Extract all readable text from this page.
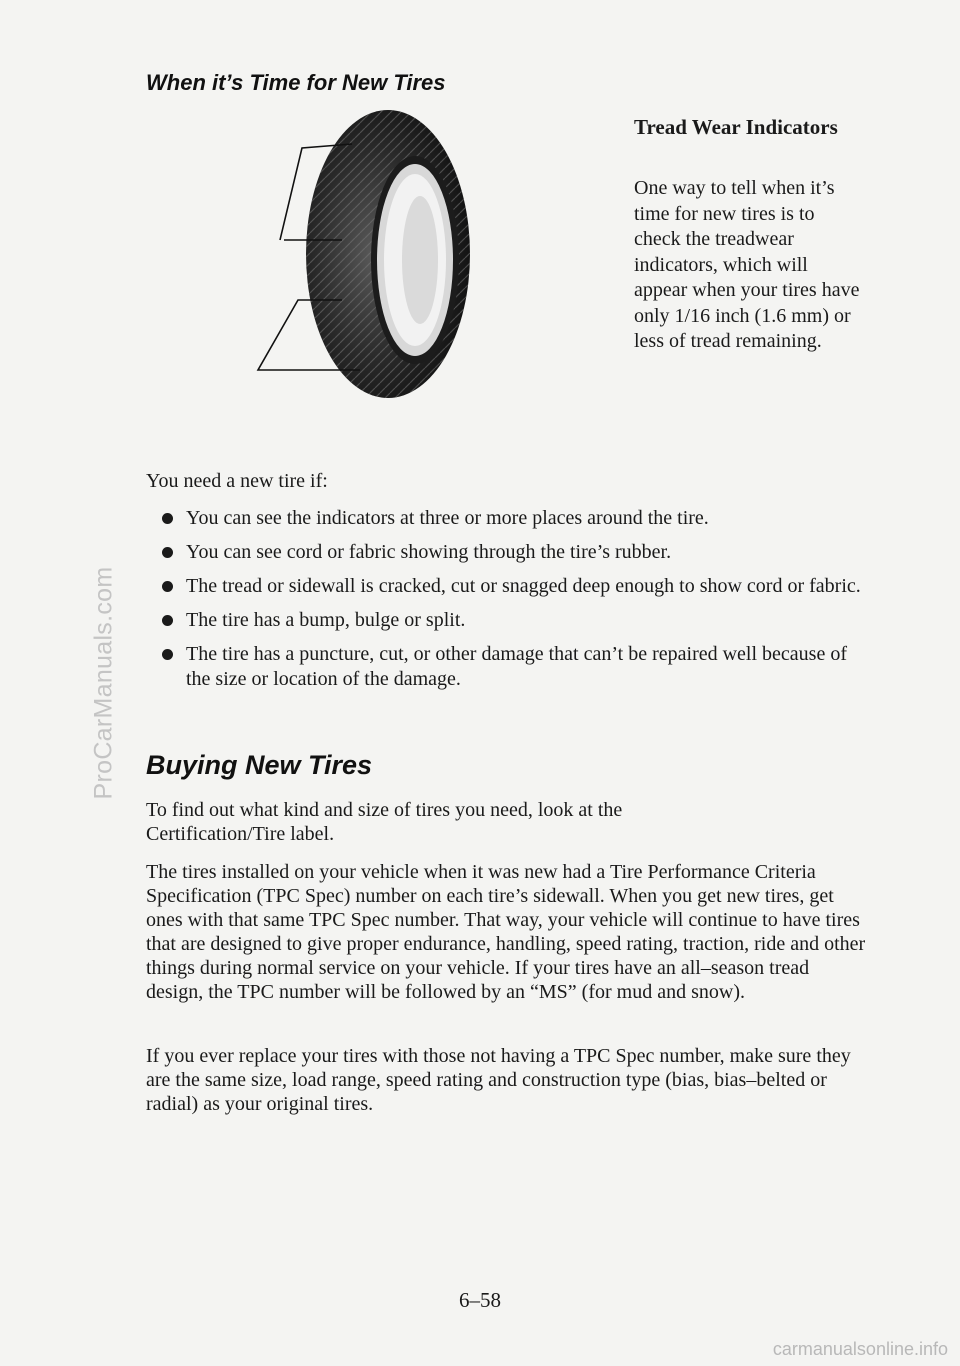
ProCarManuals.com
When it’s Time for New Tires
Tread Wear Indicators

One way to tell when it’s time for new tires is to check the treadwear indicators, which will appear when your tires have only 1/16 inch (1.6 mm) or less of tread remaining.

You need a new tire if:

You can see the indicators at three or more places around the tire.
You can see cord or fabric showing through the tire’s rubber.
The tread or sidewall is cracked, cut or snagged deep enough to show cord or fabric.
The tire has a bump, bulge or split.
The tire has a puncture, cut, or other damage that can’t be repaired well because of the size or location of the damage.
Buying New Tires

To find out what kind and size of tires you need, look at the Certification/Tire label.

The tires installed on your vehicle when it was new had a Tire Performance Criteria Specification (TPC Spec) number on each tire’s sidewall. When you get new tires, get ones with that same TPC Spec number. That way, your vehicle will continue to have tires that are designed to give proper endurance, handling, speed rating, traction, ride and other things during normal service on your vehicle. If your tires have an all–season tread design, the TPC number will be followed by an “MS” (for mud and snow).

If you ever replace your tires with those not having a TPC Spec number, make sure they are the same size, load range, speed rating and construction type (bias, bias–belted or radial) as your original tires.

6–58

carmanualsonline.info
